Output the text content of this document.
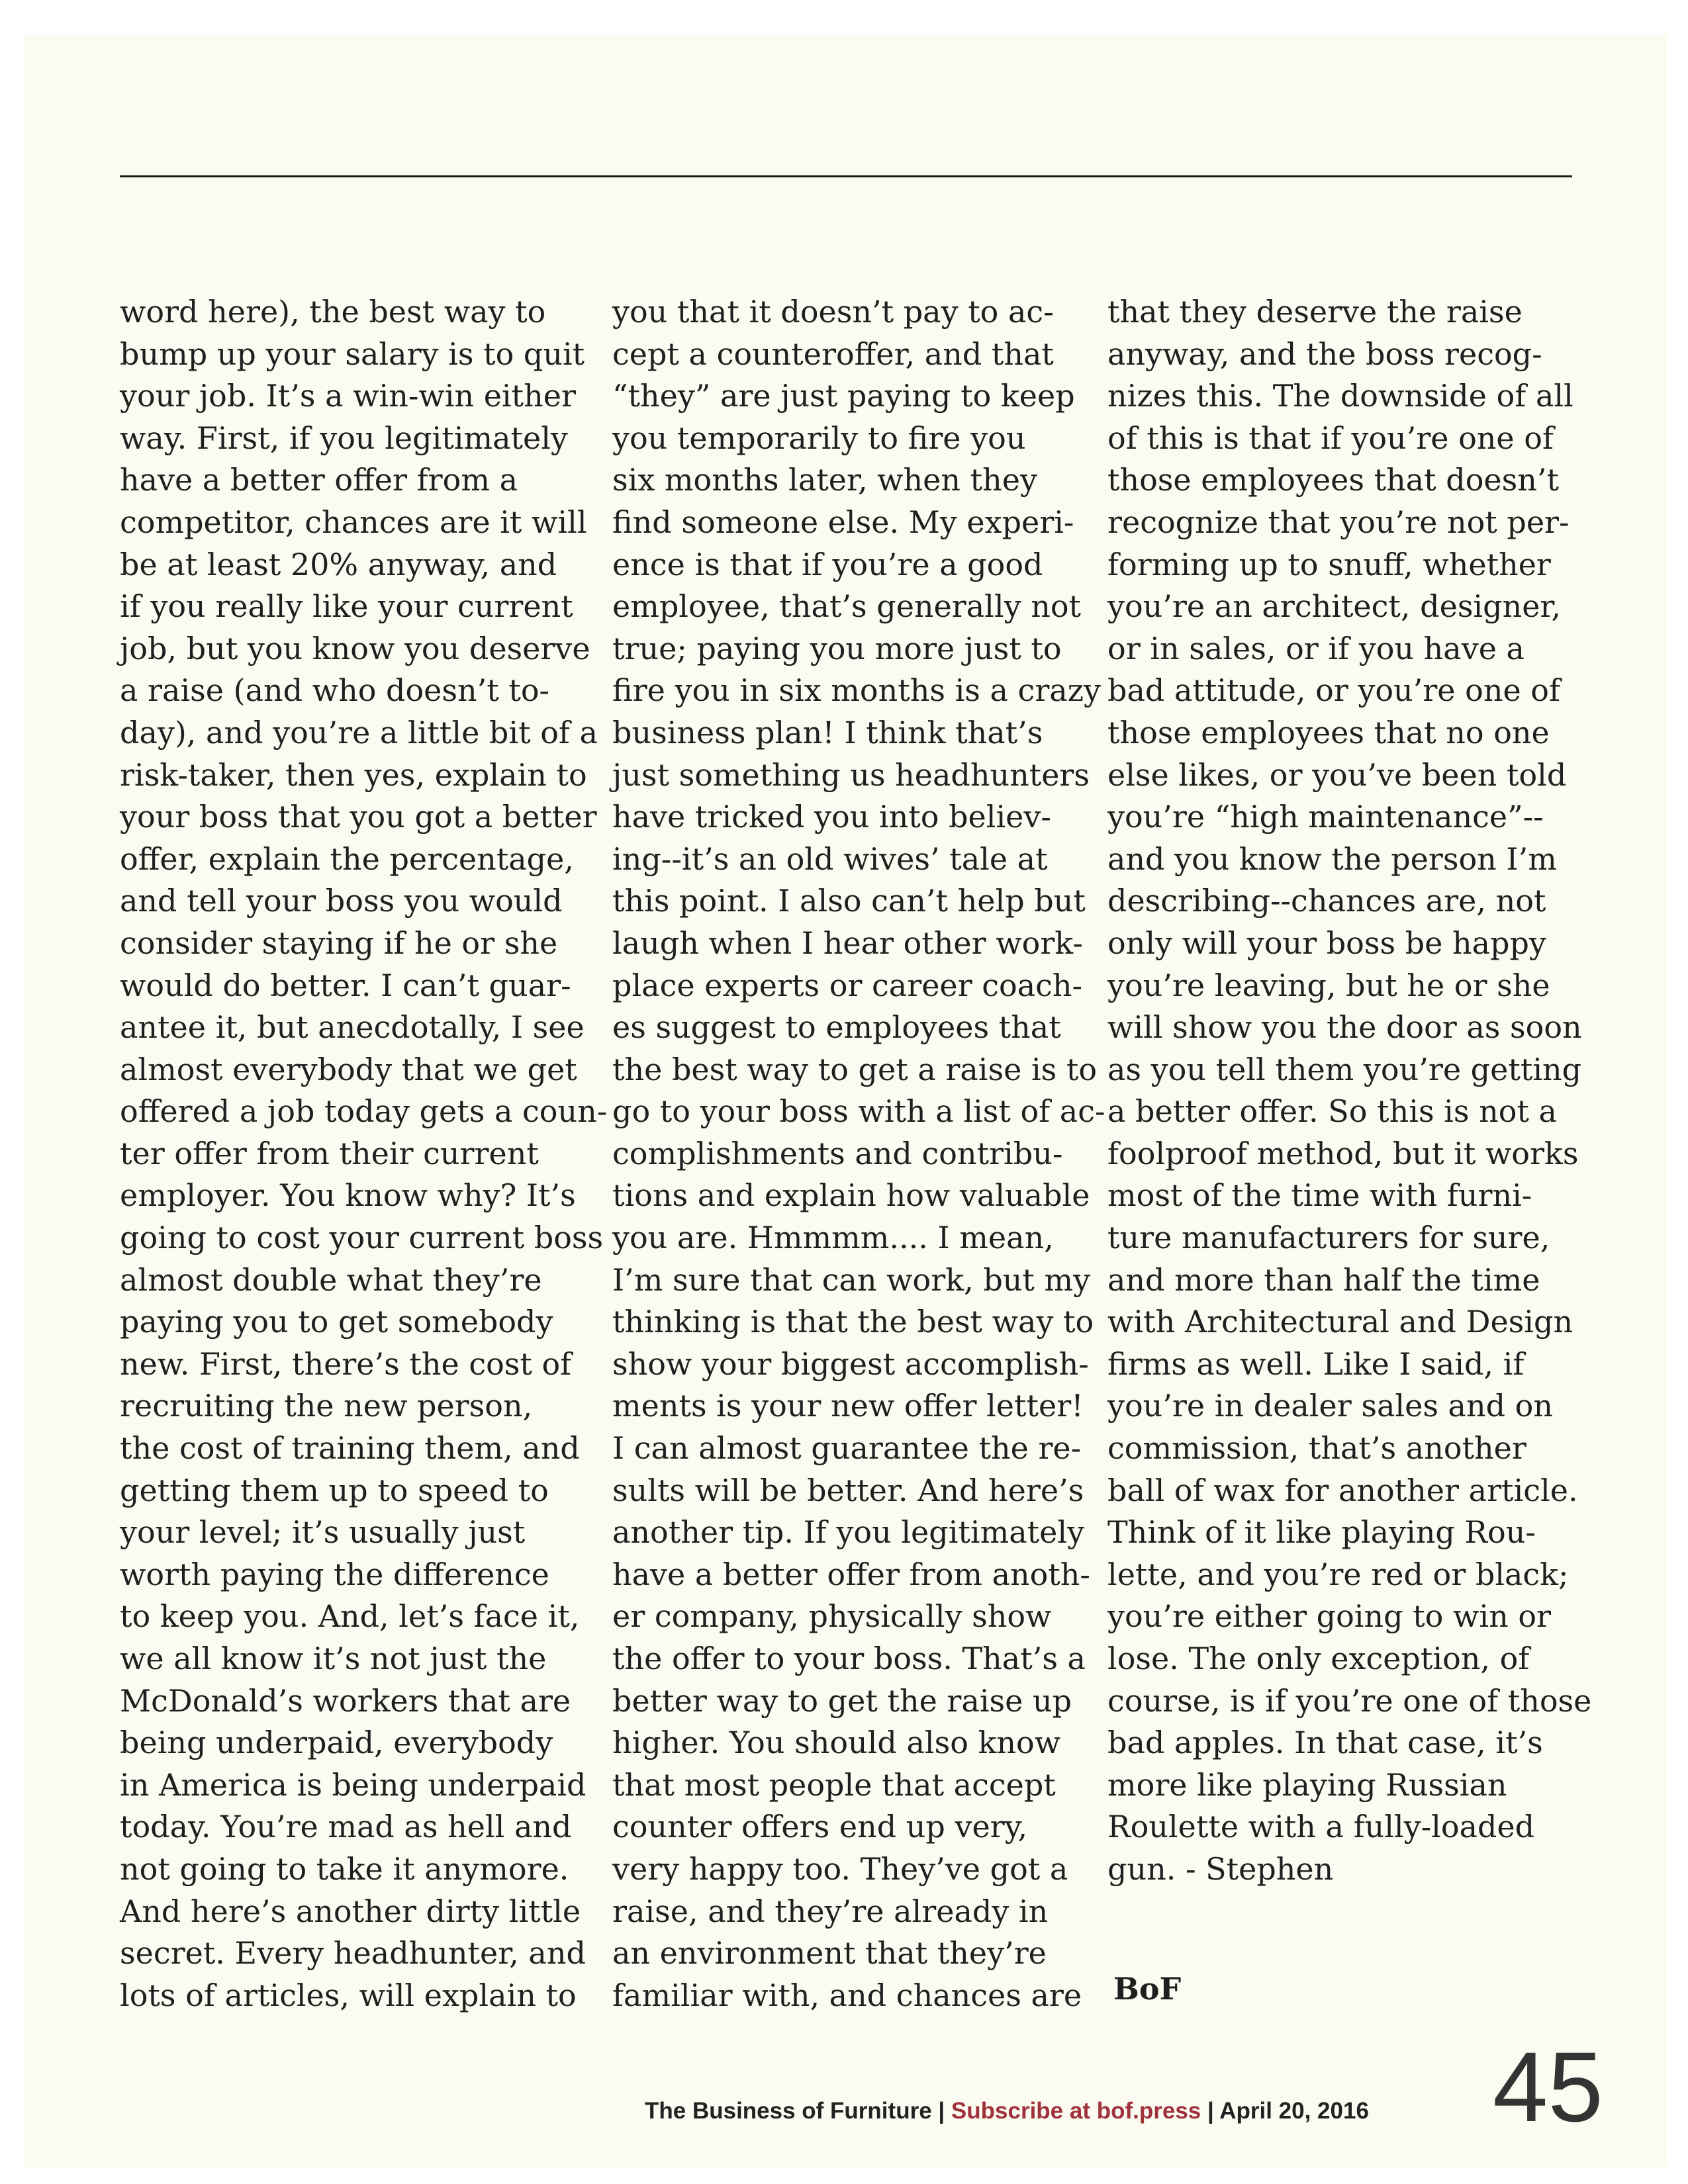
word here), the best way to

bump up your salary is to quit

your job. It’s a win-win either

way. First, if you legitimately

have a better offer from a

competitor, chances are it will

be at least 20% anyway, and

if you really like your current

job, but you know you deserve

a raise (and who doesn’t to-

day), and you’re a little bit of a

risk-taker, then yes, explain to

your boss that you got a better

offer, explain the percentage,

and tell your boss you would

consider staying if he or she

would do better. I can’t guar-

antee it, but anecdotally, I see

almost everybody that we get

offered a job today gets a coun-

ter offer from their current

employer. You know why? It’s

going to cost your current boss

almost double what they’re

paying you to get somebody

new. First, there’s the cost of

recruiting the new person,

the cost of training them, and

getting them up to speed to

your level; it’s usually just

worth paying the difference

to keep you. And, let’s face it,

we all know it’s not just the

McDonald’s workers that are

being underpaid, everybody

in America is being underpaid

today. You’re mad as hell and

not going to take it anymore.

And here’s another dirty little

secret. Every headhunter, and

lots of articles, will explain to

you that it doesn’t pay to ac-

cept a counteroffer, and that

“they” are just paying to keep

you temporarily to fire you

six months later, when they

find someone else. My experi-

ence is that if you’re a good

employee, that’s generally not

true; paying you more just to

fire you in six months is a crazy

business plan! I think that’s

just something us headhunters

have tricked you into believ-

ing--it’s an old wives’ tale at

this point. I also can’t help but

laugh when I hear other work-

place experts or career coach-

es suggest to employees that

the best way to get a raise is to

go to your boss with a list of ac-

complishments and contribu-

tions and explain how valuable

you are. Hmmmm.... I mean,

I’m sure that can work, but my

thinking is that the best way to

show your biggest accomplish-

ments is your new offer letter!

I can almost guarantee the re-

sults will be better. And here’s

another tip. If you legitimately

have a better offer from anoth-

er company, physically show

the offer to your boss. That’s a

better way to get the raise up

higher. You should also know

that most people that accept

counter offers end up very,

very happy too. They’ve got a

raise, and they’re already in

an environment that they’re

familiar with, and chances are

that they deserve the raise

anyway, and the boss recog-

nizes this. The downside of all

of this is that if you’re one of

those employees that doesn’t

recognize that you’re not per-

forming up to snuff, whether

you’re an architect, designer,

or in sales, or if you have a

bad attitude, or you’re one of

those employees that no one

else likes, or you’ve been told

you’re “high maintenance”--

and you know the person I’m

describing--chances are, not

only will your boss be happy

you’re leaving, but he or she

will show you the door as soon

as you tell them you’re getting

a better offer. So this is not a

foolproof method, but it works

most of the time with furni-

ture manufacturers for sure,

and more than half the time

with Architectural and Design

firms as well. Like I said, if

you’re in dealer sales and on

commission, that’s another

ball of wax for another article.

Think of it like playing Rou-

lette, and you’re red or black;

you’re either going to win or

lose. The only exception, of

course, is if you’re one of those

bad apples. In that case, it’s

more like playing Russian

Roulette with a fully-loaded

gun. - Stephen

BoF
The Business of Furniture | Subscribe at bof.press | April 20, 2016 45
